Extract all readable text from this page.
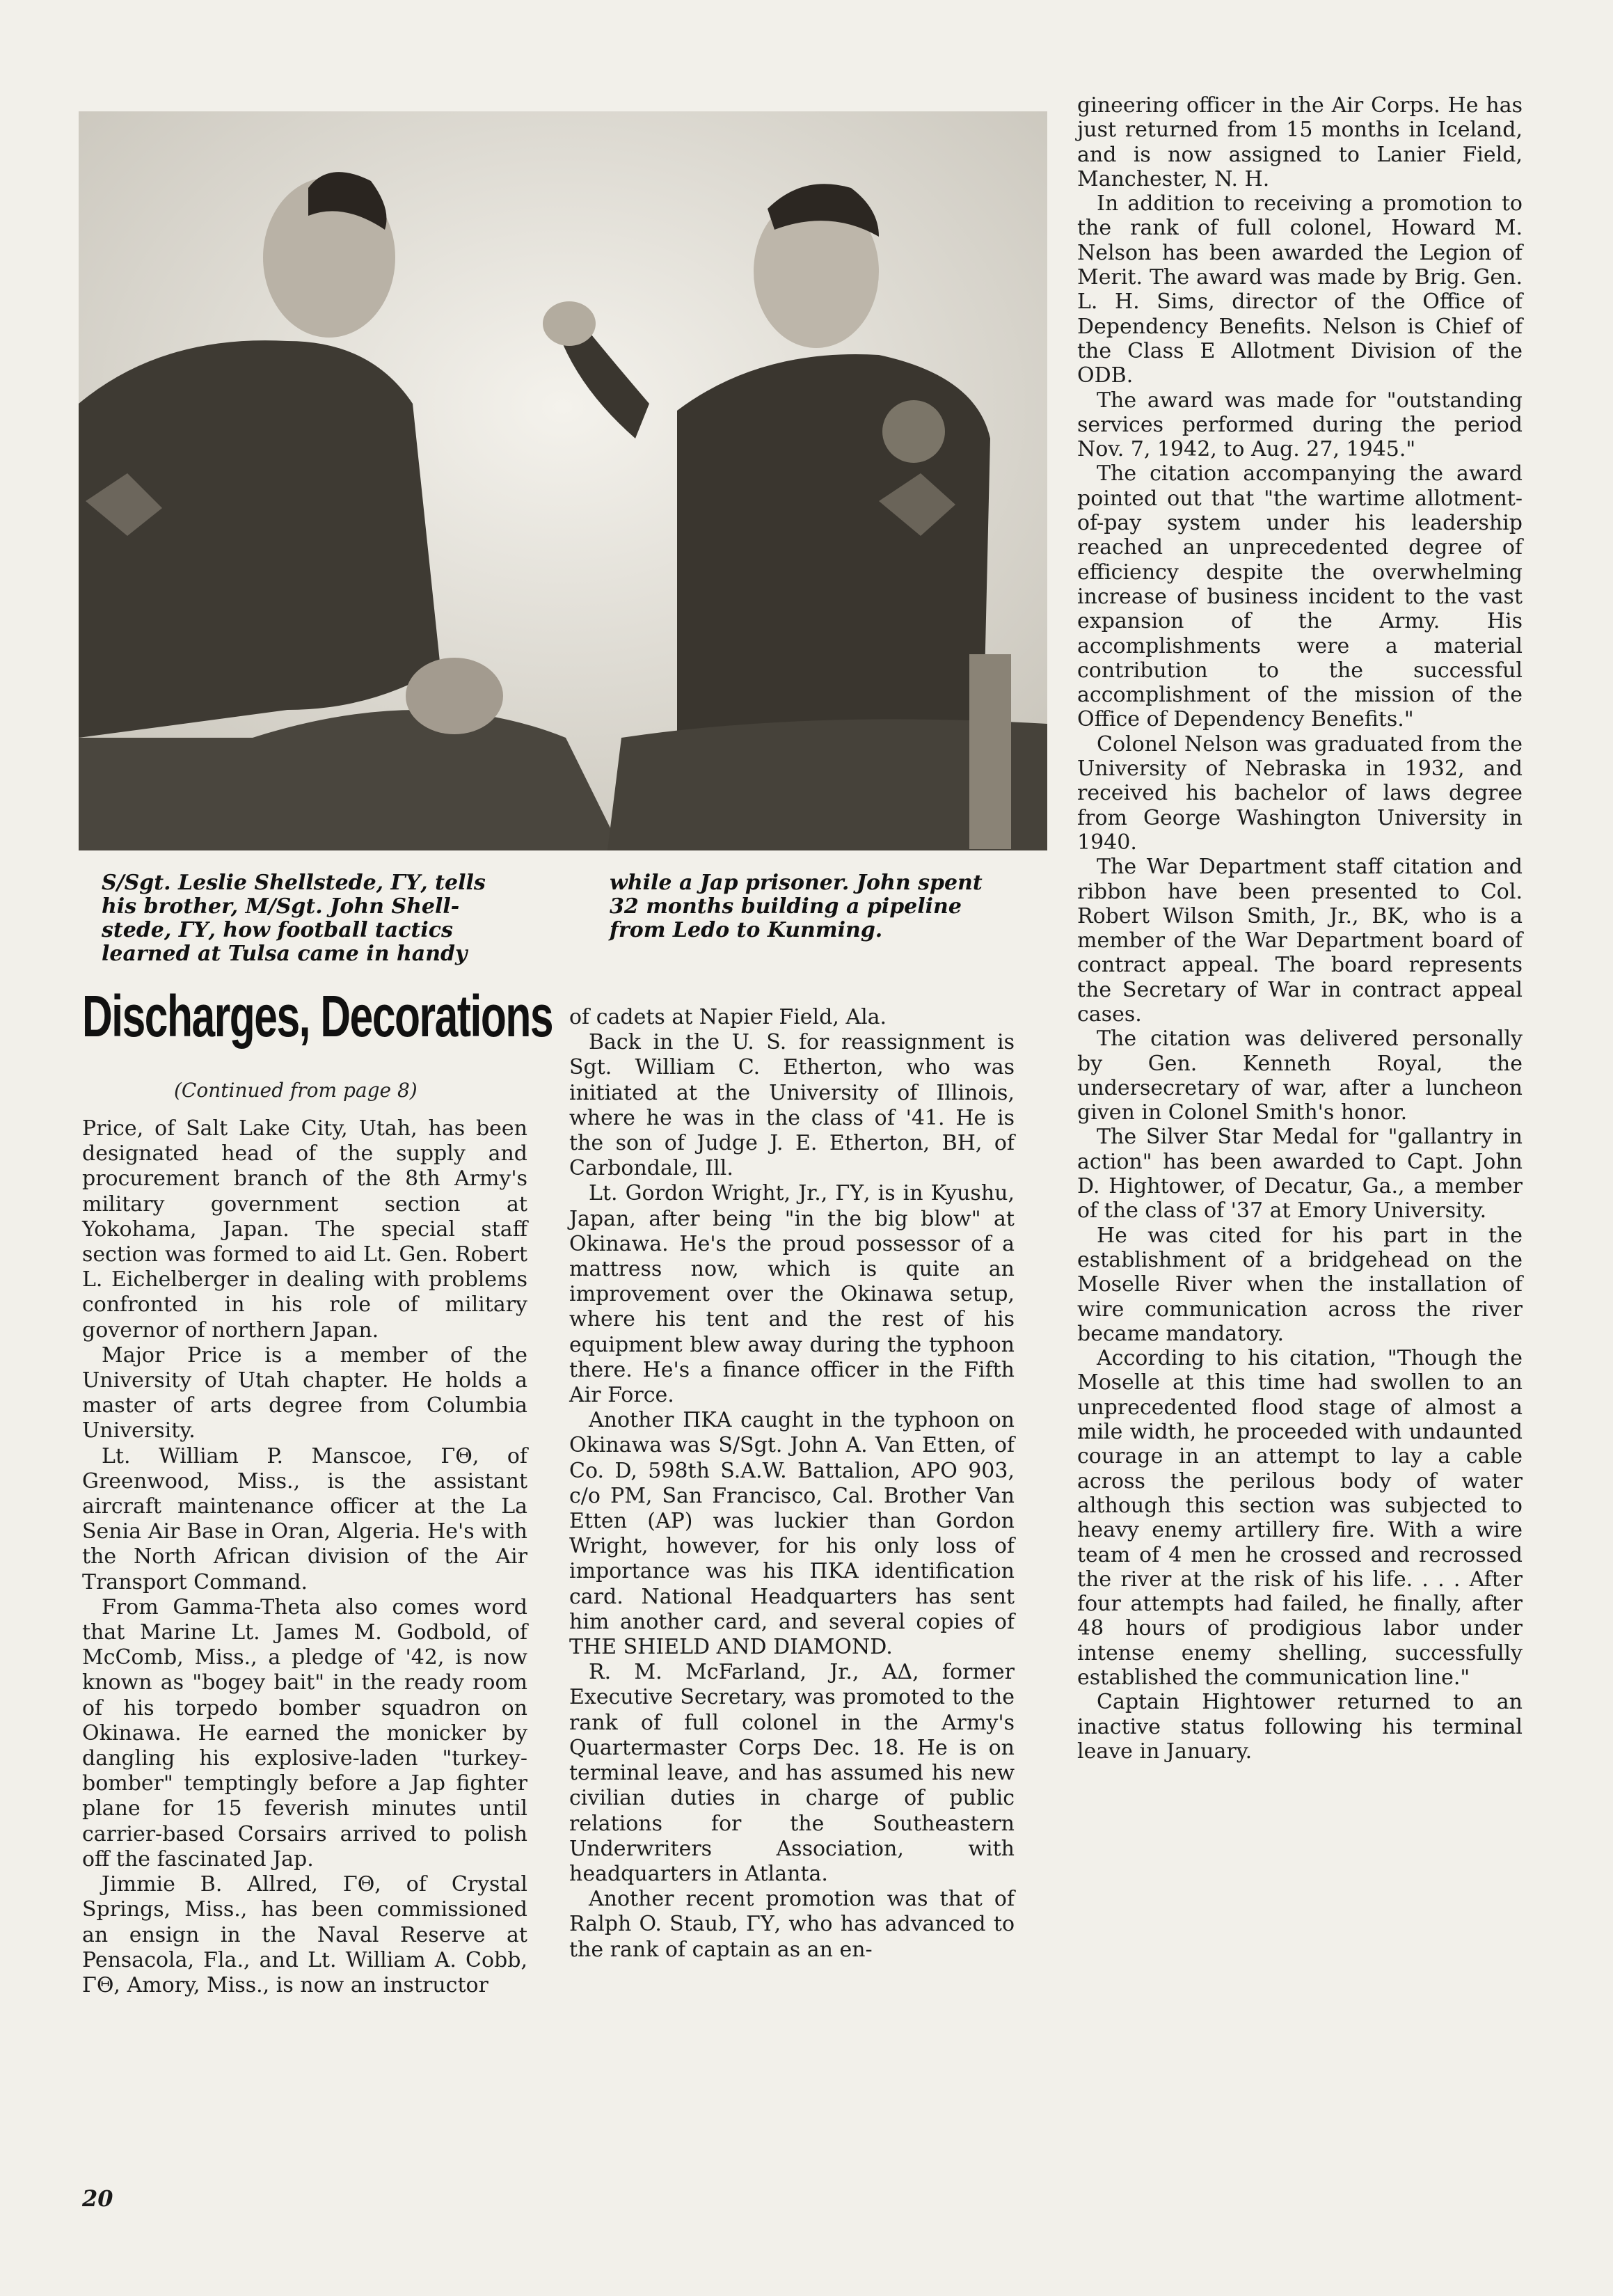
S/Sgt. Leslie Shellstede, ΓΥ, tells
his brother, M/Sgt. John Shell-
stede, ΓΥ, how football tactics
learned at Tulsa came in handy
while a Jap prisoner. John spent
32 months building a pipeline
from Ledo to Kunming.
Discharges, Decorations
(Continued from page 8)

Price, of Salt Lake City, Utah, has been designated head of the supply and procurement branch of the 8th Army's military government section at Yokohama, Japan. The special staff section was formed to aid Lt. Gen. Robert L. Eichelberger in dealing with problems confronted in his role of military governor of northern Japan.

Major Price is a member of the University of Utah chapter. He holds a master of arts degree from Columbia University.

Lt. William P. Manscoe, ΓΘ, of Greenwood, Miss., is the assistant aircraft maintenance officer at the La Senia Air Base in Oran, Algeria. He's with the North African division of the Air Transport Command.

From Gamma-Theta also comes word that Marine Lt. James M. Godbold, of McComb, Miss., a pledge of '42, is now known as "bogey bait" in the ready room of his torpedo bomber squadron on Okinawa. He earned the monicker by dangling his explosive-laden "turkey-bomber" temptingly before a Jap fighter plane for 15 feverish minutes until carrier-based Corsairs arrived to polish off the fascinated Jap.

Jimmie B. Allred, ΓΘ, of Crystal Springs, Miss., has been commissioned an ensign in the Naval Reserve at Pensacola, Fla., and Lt. William A. Cobb, ΓΘ, Amory, Miss., is now an instructor

of cadets at Napier Field, Ala.

Back in the U. S. for reassignment is Sgt. William C. Etherton, who was initiated at the University of Illinois, where he was in the class of '41. He is the son of Judge J. E. Etherton, BH, of Carbondale, Ill.

Lt. Gordon Wright, Jr., ΓΥ, is in Kyushu, Japan, after being "in the big blow" at Okinawa. He's the proud possessor of a mattress now, which is quite an improvement over the Okinawa setup, where his tent and the rest of his equipment blew away during the typhoon there. He's a finance officer in the Fifth Air Force.

Another ΠΚΑ caught in the typhoon on Okinawa was S/Sgt. John A. Van Etten, of Co. D, 598th S.A.W. Battalion, APO 903, c/o PM, San Francisco, Cal. Brother Van Etten (AP) was luckier than Gordon Wright, however, for his only loss of importance was his ΠΚΑ identification card. National Headquarters has sent him another card, and several copies of THE SHIELD AND DIAMOND.

R. M. McFarland, Jr., ΑΔ, former Executive Secretary, was promoted to the rank of full colonel in the Army's Quartermaster Corps Dec. 18. He is on terminal leave, and has assumed his new civilian duties in charge of public relations for the Southeastern Underwriters Association, with headquarters in Atlanta.

Another recent promotion was that of Ralph O. Staub, ΓΥ, who has advanced to the rank of captain as an en-

gineering officer in the Air Corps. He has just returned from 15 months in Iceland, and is now assigned to Lanier Field, Manchester, N. H.

In addition to receiving a promotion to the rank of full colonel, Howard M. Nelson has been awarded the Legion of Merit. The award was made by Brig. Gen. L. H. Sims, director of the Office of Dependency Benefits. Nelson is Chief of the Class E Allotment Division of the ODB.

The award was made for "outstanding services performed during the period Nov. 7, 1942, to Aug. 27, 1945."

The citation accompanying the award pointed out that "the wartime allotment-of-pay system under his leadership reached an unprecedented degree of efficiency despite the overwhelming increase of business incident to the vast expansion of the Army. His accomplishments were a material contribution to the successful accomplishment of the mission of the Office of Dependency Benefits."

Colonel Nelson was graduated from the University of Nebraska in 1932, and received his bachelor of laws degree from George Washington University in 1940.

The War Department staff citation and ribbon have been presented to Col. Robert Wilson Smith, Jr., BK, who is a member of the War Department board of contract appeal. The board represents the Secretary of War in contract appeal cases.

The citation was delivered personally by Gen. Kenneth Royal, the undersecretary of war, after a luncheon given in Colonel Smith's honor.

The Silver Star Medal for "gallantry in action" has been awarded to Capt. John D. Hightower, of Decatur, Ga., a member of the class of '37 at Emory University.

He was cited for his part in the establishment of a bridgehead on the Moselle River when the installation of wire communication across the river became mandatory.

According to his citation, "Though the Moselle at this time had swollen to an unprecedented flood stage of almost a mile width, he proceeded with undaunted courage in an attempt to lay a cable across the perilous body of water although this section was subjected to heavy enemy artillery fire. With a wire team of 4 men he crossed and recrossed the river at the risk of his life. . . . After four attempts had failed, he finally, after 48 hours of prodigious labor under intense enemy shelling, successfully established the communication line."

Captain Hightower returned to an inactive status following his terminal leave in January.

20
